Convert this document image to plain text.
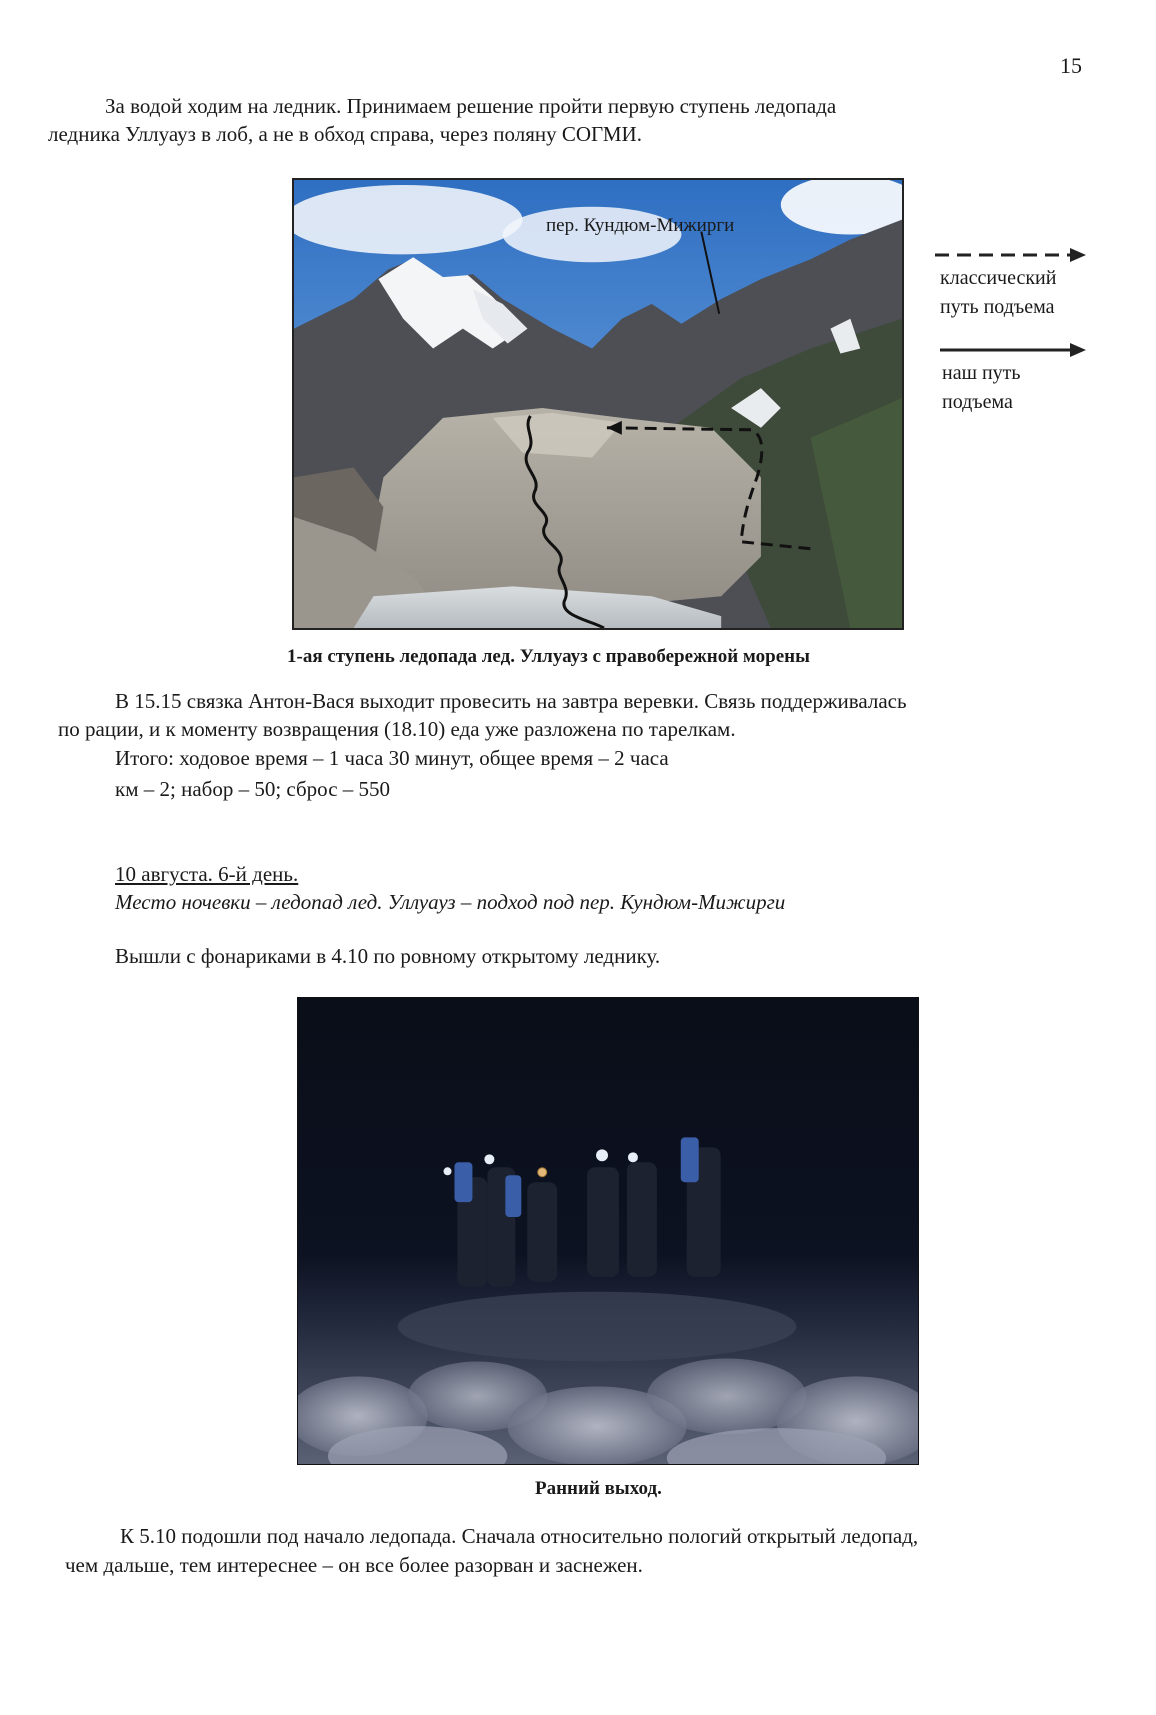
15
За водой ходим на ледник. Принимаем решение пройти первую ступень ледопада
ледника Уллуауз в лоб, а не в обход справа, через поляну СОГМИ.
пер. Кундюм-Мижирги
классический
путь подъема
наш путь
подъема
1-ая ступень ледопада лед. Уллуауз с правобережной морены
В 15.15 связка Антон-Вася выходит провесить на завтра веревки. Связь поддерживалась
по рации, и к моменту возвращения (18.10) еда уже разложена по тарелкам.
Итого: ходовое время – 1 часа 30 минут, общее время – 2 часа
км – 2; набор – 50; сброс – 550
10 августа. 6-й день.
Место ночевки – ледопад лед. Уллуауз – подход под пер. Кундюм-Мижирги
Вышли с фонариками в 4.10 по ровному открытому леднику.
Ранний выход.
К 5.10 подошли под начало ледопада. Сначала относительно пологий открытый ледопад,
чем дальше, тем интереснее – он все более разорван и заснежен.
